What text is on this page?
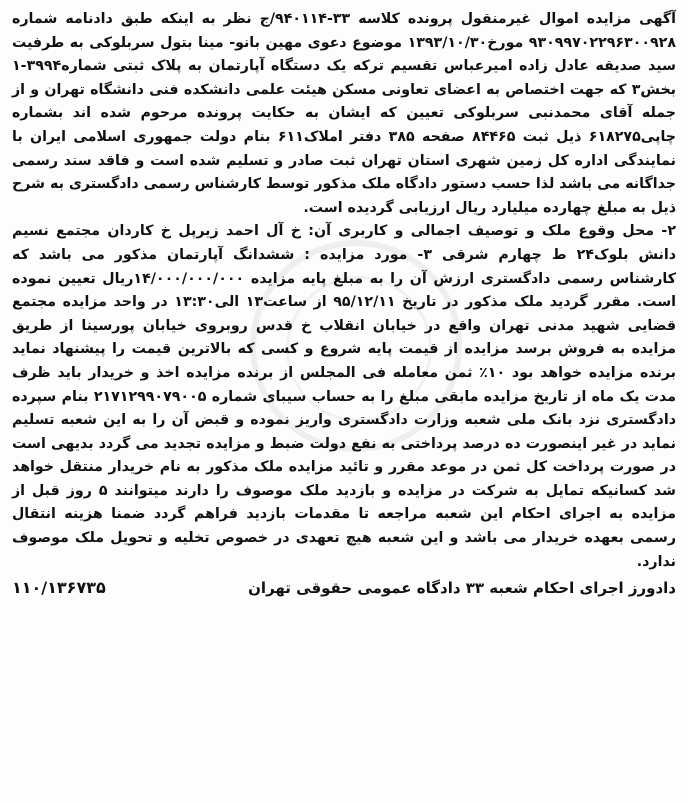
آگهی مزایده اموال غیرمنقول پرونده کلاسه ۳۳-۹۴۰۱۱۴/ج نظر به اینکه طبق دادنامه شماره ۹۳۰۹۹۷۰۲۲۹۶۳۰۰۹۲۸ مورخ۱۳۹۳/۱۰/۳۰ موضوع دعوی مهین بانو- مینا بتول سربلوکی به طرفیت سید صدیقه عادل زاده امیرعباس تقسیم ترکه یک دستگاه آپارتمان به پلاک ثبتی شماره۳۹۹۴-۱ بخش۳ که جهت اختصاص به اعضای تعاونی مسکن هیئت علمی دانشکده فنی دانشگاه تهران و از جمله آقای محمدنبی سربلوکی تعیین که ایشان به حکایت پرونده مرحوم شده اند بشماره چاپی۶۱۸۲۷۵ ذیل ثبت ۸۴۴۶۵ صفحه ۳۸۵ دفتر املاک۶۱۱ بنام دولت جمهوری اسلامی ایران با نمایندگی اداره کل زمین شهری استان تهران ثبت صادر و تسلیم شده است و فاقد سند رسمی جداگانه می باشد لذا حسب دستور دادگاه ملک مذکور توسط کارشناس رسمی دادگستری به شرح ذیل به مبلغ چهارده میلیارد ریال ارزیابی گردیده است.

۲- محل وقوع ملک و توصیف اجمالی و کاربری آن: خ آل احمد زیرپل خ کاردان مجتمع نسیم دانش بلوک۲۴ ط چهارم شرقی ۳- مورد مزایده : ششدانگ آپارتمان مذکور می باشد که کارشناس رسمی دادگستری ارزش آن را به مبلغ پایه مزایده ۱۴/۰۰۰/۰۰۰/۰۰۰ریال تعیین نموده است. مقرر گردید ملک مذکور در تاریخ ۹۵/۱۲/۱۱ از ساعت۱۳ الی۱۳:۳۰ در واحد مزایده مجتمع قضایی شهید مدنی تهران واقع در خیابان انقلاب خ قدس روبروی خیابان پورسینا از طریق مزایده به فروش برسد مزایده از قیمت پایه شروع و کسی که بالاترین قیمت را پیشنهاد نماید برنده مزایده خواهد بود ۱۰٪ ثمن معامله فی المجلس از برنده مزایده اخذ و خریدار باید ظرف مدت یک ماه از تاریخ مزایده مابقی مبلغ را به حساب سیبای شماره ۲۱۷۱۲۹۹۰۷۹۰۰۵ بنام سپرده دادگستری نزد بانک ملی شعبه وزارت دادگستری واریز نموده و قبض آن را به این شعبه تسلیم نماید در غیر اینصورت ده درصد پرداختی به نفع دولت ضبط و مزایده تجدید می گردد بدیهی است در صورت پرداخت کل ثمن در موعد مقرر و تائید مزایده ملک مذکور به نام خریدار منتقل خواهد شد کسانیکه تمایل به شرکت در مزایده و بازدید ملک موصوف را دارند میتوانند ۵ روز قبل از مزایده به اجرای احکام این شعبه مراجعه تا مقدمات بازدید فراهم گردد ضمنا هزینه انتقال رسمی بعهده خریدار می باشد و این شعبه هیچ تعهدی در خصوص تخلیه و تحویل ملک موصوف ندارد.

دادورز اجرای احکام شعبه ۳۳ دادگاه عمومی حقوقی تهران
۱۱۰/۱۳۶۷۳۵
